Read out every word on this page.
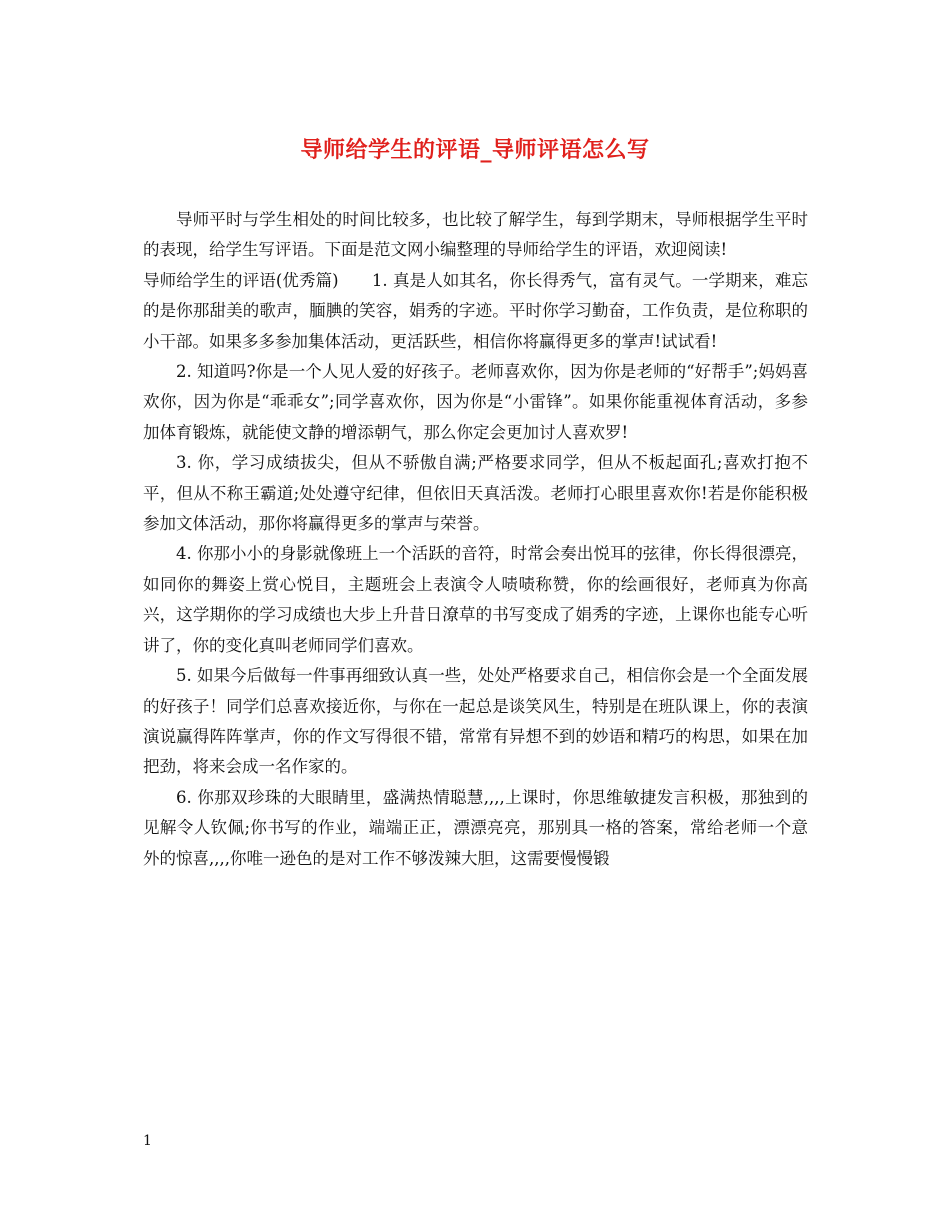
导师给学生的评语_导师评语怎么写

导师平时与学生相处的时间比较多，也比较了解学生，每到学期末，导师根据学生平时的表现，给学生写评语。下面是范文网小编整理的导师给学生的评语，欢迎阅读!

导师给学生的评语(优秀篇)　　1. 真是人如其名，你长得秀气，富有灵气。一学期来，难忘的是你那甜美的歌声，腼腆的笑容，娟秀的字迹。平时你学习勤奋，工作负责，是位称职的小干部。如果多多参加集体活动，更活跃些，相信你将赢得更多的掌声!试试看!

2. 知道吗?你是一个人见人爱的好孩子。老师喜欢你，因为你是老师的“好帮手”;妈妈喜欢你，因为你是“乖乖女”;同学喜欢你，因为你是“小雷锋”。如果你能重视体育活动，多参加体育锻炼，就能使文静的增添朝气，那么你定会更加讨人喜欢罗!

3. 你，学习成绩拔尖，但从不骄傲自满;严格要求同学，但从不板起面孔;喜欢打抱不平，但从不称王霸道;处处遵守纪律，但依旧天真活泼。老师打心眼里喜欢你!若是你能积极参加文体活动，那你将赢得更多的掌声与荣誉。

4. 你那小小的身影就像班上一个活跃的音符，时常会奏出悦耳的弦律，你长得很漂亮，如同你的舞姿上赏心悦目，主题班会上表演令人啧啧称赞，你的绘画很好，老师真为你高兴，这学期你的学习成绩也大步上升昔日潦草的书写变成了娟秀的字迹，上课你也能专心听讲了，你的变化真叫老师同学们喜欢。

5. 如果今后做每一件事再细致认真一些，处处严格要求自己，相信你会是一个全面发展的好孩子！同学们总喜欢接近你，与你在一起总是谈笑风生，特别是在班队课上，你的表演演说赢得阵阵掌声，你的作文写得很不错，常常有异想不到的妙语和精巧的构思，如果在加把劲，将来会成一名作家的。

6. 你那双珍珠的大眼睛里，盛满热情聪慧,,,,上课时，你思维敏捷发言积极，那独到的见解令人钦佩;你书写的作业，端端正正，漂漂亮亮，那别具一格的答案，常给老师一个意外的惊喜,,,,你唯一逊色的是对工作不够泼辣大胆，这需要慢慢锻

1
